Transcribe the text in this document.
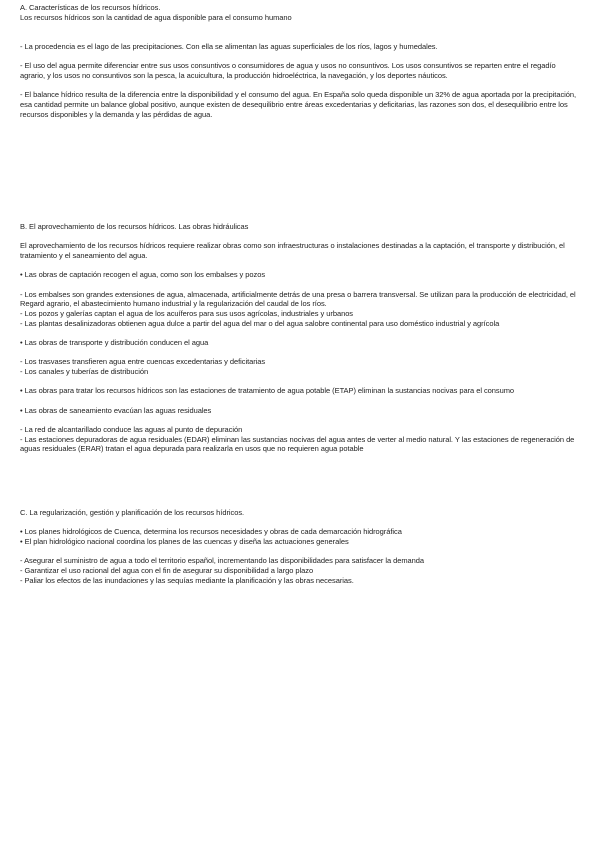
A. Características de los recursos hídricos.
Los recursos hídricos son la cantidad de agua disponible para el consumo humano

- La procedencia es el lago de las precipitaciones. Con ella se alimentan las aguas superficiales de los ríos, lagos y humedales.

- El uso del agua permite diferenciar entre sus usos consuntivos o consumidores de agua y usos no consuntivos. Los usos consuntivos se reparten entre el regadío agrario, y los usos no consuntivos son la pesca, la acuicultura, la producción hidroeléctrica, la navegación, y los deportes náuticos.

- El balance hídrico resulta de la diferencia entre la disponibilidad y el consumo del agua. En España solo queda disponible un 32% de agua aportada por la precipitación, esa cantidad permite un balance global positivo, aunque existen de desequilibrio entre áreas excedentarias y deficitarias, las razones son dos, el desequilibrio entre los recursos disponibles y la demanda y las pérdidas de agua.

B. El aprovechamiento de los recursos hídricos. Las obras hidráulicas

El aprovechamiento de los recursos hídricos requiere realizar obras como son infraestructuras o instalaciones destinadas a la captación, el transporte y distribución, el tratamiento y el saneamiento del agua.

• Las obras de captación recogen el agua, como son los embalses y pozos

- Los embalses son grandes extensiones de agua, almacenada, artificialmente detrás de una presa o barrera transversal. Se utilizan para la producción de electricidad, el Regard agrario, el abastecimiento humano industrial y la regularización del caudal de los ríos.
- Los pozos y galerías captan el agua de los acuíferos para sus usos agrícolas, industriales y urbanos
- Las plantas desalinizadoras obtienen agua dulce a partir del agua del mar o del agua salobre continental para uso doméstico industrial y agrícola

• Las obras de transporte y distribución conducen el agua

- Los trasvases transfieren agua entre cuencas excedentarias y deficitarias
- Los canales y tuberías de distribución

• Las obras para tratar los recursos hídricos son las estaciones de tratamiento de agua potable (ETAP) eliminan la sustancias nocivas para el consumo

• Las obras de saneamiento evacúan las aguas residuales

- La red de alcantarillado conduce las aguas al punto de depuración
- Las estaciones depuradoras de agua residuales (EDAR) eliminan las sustancias nocivas del agua antes de verter al medio natural. Y las estaciones de regeneración de aguas residuales (ERAR) tratan el agua depurada para realizarla en usos que no requieren agua potable

C. La regularización, gestión y planificación de los recursos hídricos.

• Los planes hidrológicos de Cuenca, determina los recursos necesidades y obras de cada demarcación hidrográfica
• El plan hidrológico nacional coordina los planes de las cuencas y diseña las actuaciones generales

- Asegurar el suministro de agua a todo el territorio español, incrementando las disponibilidades para satisfacer la demanda
- Garantizar el uso racional del agua con el fin de asegurar su disponibilidad a largo plazo
- Paliar los efectos de las inundaciones y las sequías mediante la planificación y las obras necesarias.
